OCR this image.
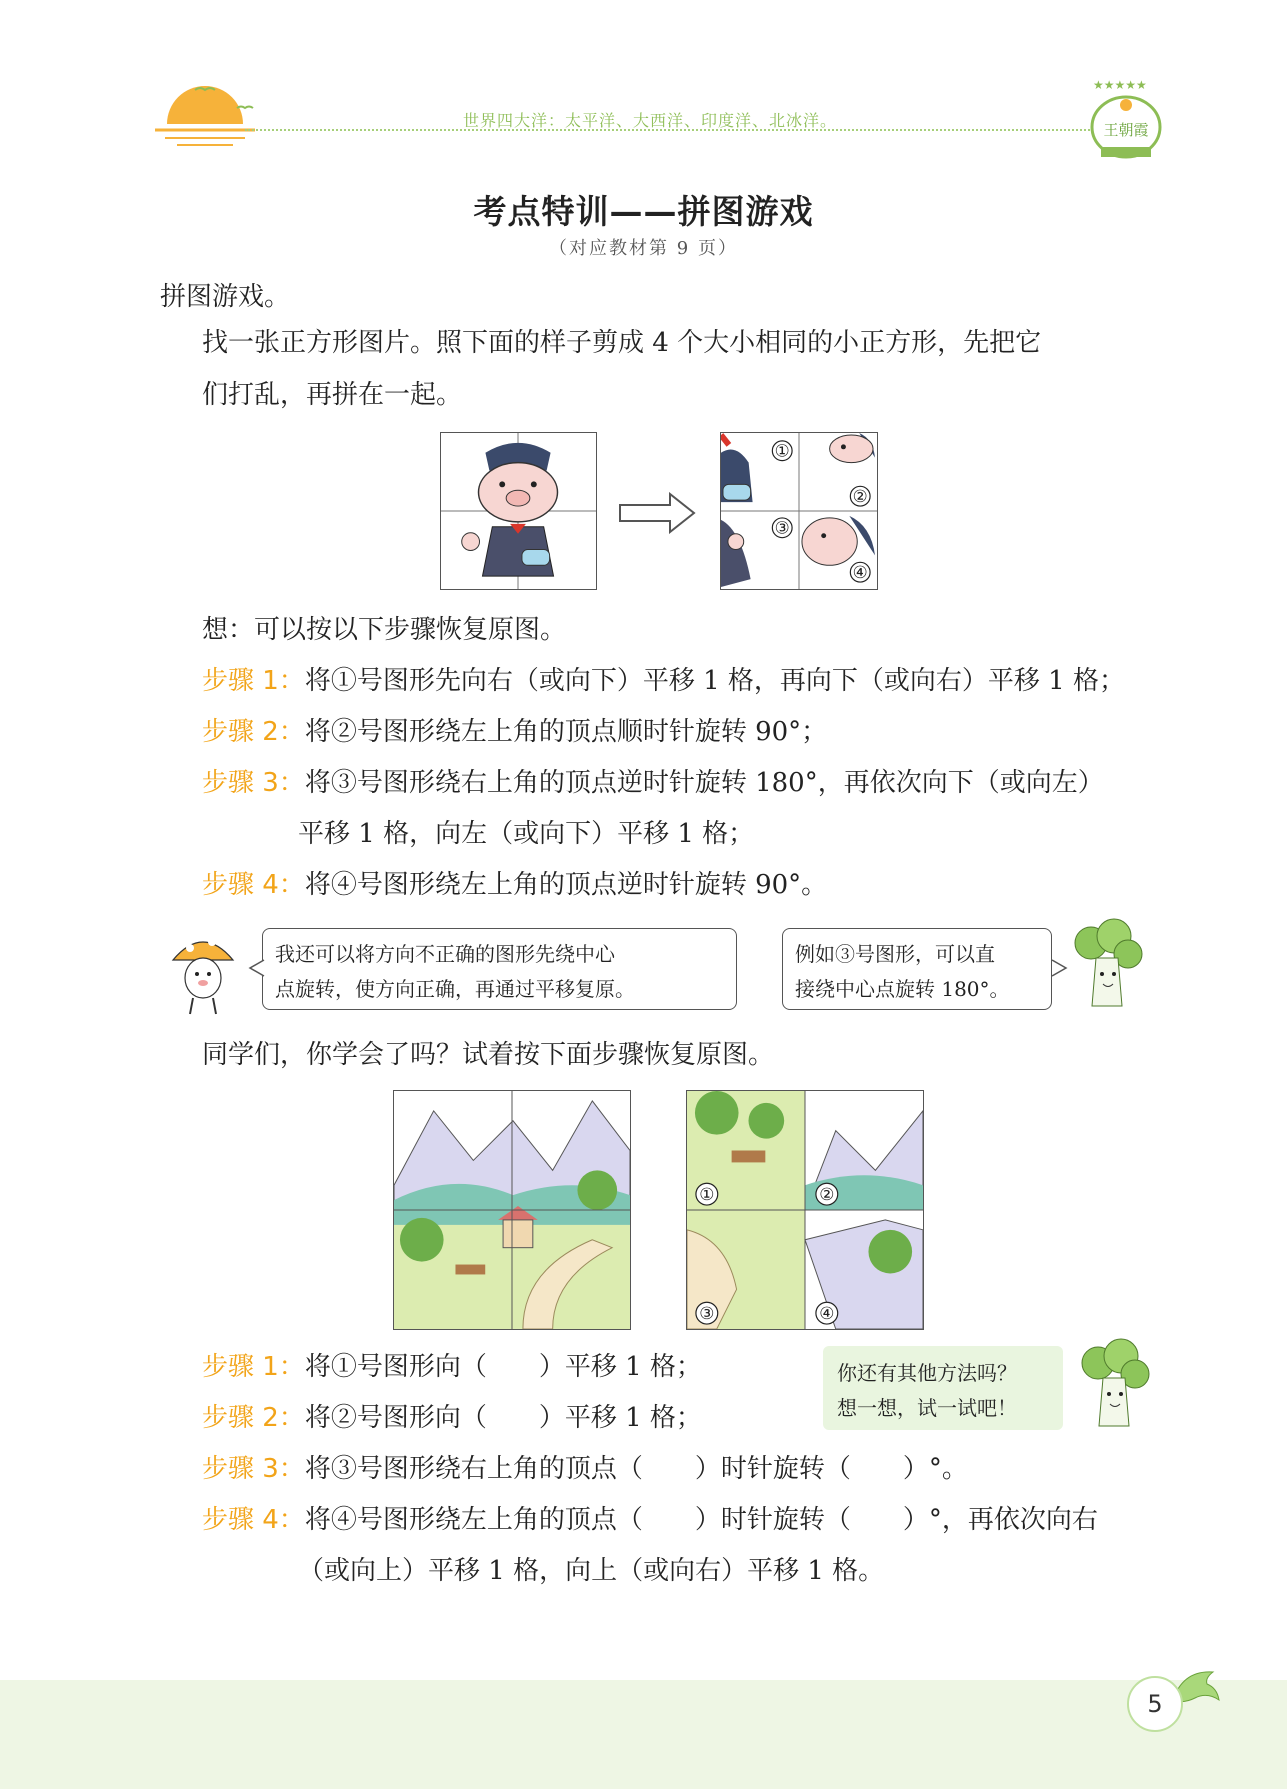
世界四大洋：太平洋、大西洋、印度洋、北冰洋。
★★★★★
王朝霞
考点特训——拼图游戏
（对应教材第 9 页）
拼图游戏。
找一张正方形图片。照下面的样子剪成 4 个大小相同的小正方形，先把它
们打乱，再拼在一起。
①
②
③
④
想：可以按以下步骤恢复原图。
步骤 1：将①号图形先向右（或向下）平移 1 格，再向下（或向右）平移 1 格；
步骤 2：将②号图形绕左上角的顶点顺时针旋转 90°；
步骤 3：将③号图形绕右上角的顶点逆时针旋转 180°，再依次向下（或向左）
平移 1 格，向左（或向下）平移 1 格；
步骤 4：将④号图形绕左上角的顶点逆时针旋转 90°。
我还可以将方向不正确的图形先绕中心
点旋转，使方向正确，再通过平移复原。
例如③号图形，可以直
接绕中心点旋转 180°。
同学们，你学会了吗？试着按下面步骤恢复原图。
①	②
③	④
步骤 1：将①号图形向（　　）平移 1 格；
步骤 2：将②号图形向（　　）平移 1 格；
步骤 3：将③号图形绕右上角的顶点（　　）时针旋转（　　）°。
步骤 4：将④号图形绕左上角的顶点（　　）时针旋转（　　）°，再依次向右
（或向上）平移 1 格，向上（或向右）平移 1 格。
你还有其他方法吗？
想一想，试一试吧！
5
